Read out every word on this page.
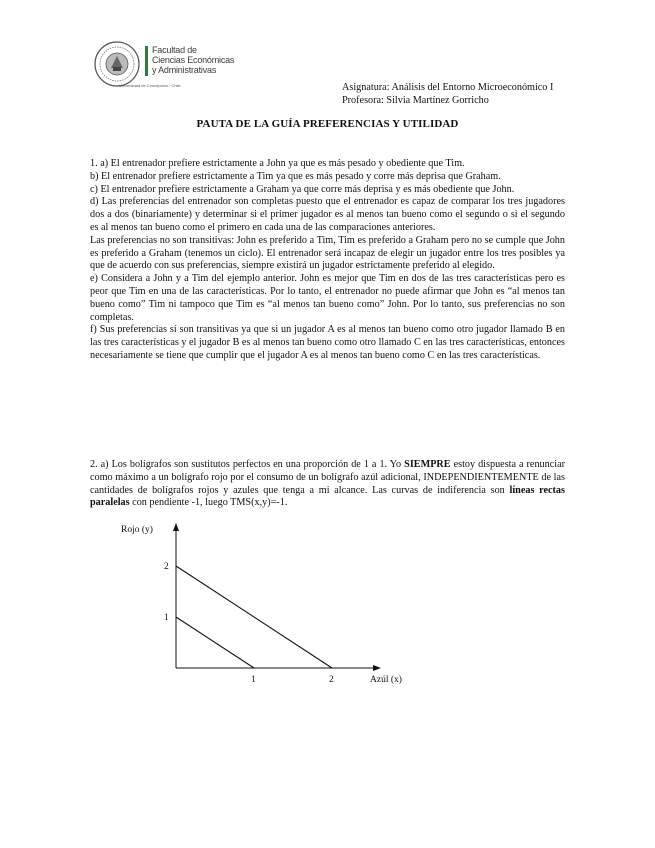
Facultad de
Ciencias Económicas
y Administrativas
Universidad de Concepción · Chile	Asignatura: Análisis del Entorno Microeconómico I
Profesora: Silvia Martínez Gorricho
PAUTA DE LA GUÍA PREFERENCIAS Y UTILIDAD

1. a) El entrenador prefiere estrictamente a John ya que es más pesado y obediente que Tim.

b) El entrenador prefiere estrictamente a Tim ya que es más pesado y corre más deprisa que Graham.

c) El entrenador prefiere estrictamente a Graham ya que corre más deprisa y es más obediente que John.

d) Las preferencias del entrenador son completas puesto que el entrenador es capaz de comparar los tres jugadores dos a dos (binariamente) y determinar si el primer jugador es al menos tan bueno como el segundo o si el segundo es al menos tan bueno como el primero en cada una de las comparaciones anteriores.

Las preferencias no son transitivas: John es preferido a Tim, Tim es preferido a Graham pero no se cumple que John es preferido a Graham (tenemos un ciclo). El entrenador será incapaz de elegir un jugador entre los tres posibles ya que de acuerdo con sus preferencias, siempre existirá un jugador estrictamente preferido al elegido.

e) Considera a John y a Tim del ejemplo anterior. John es mejor que Tim en dos de las tres características pero es peor que Tim en una de las características. Por lo tanto, el entrenador no puede afirmar que John es “al menos tan bueno como” Tim ni tampoco que Tim es “al menos tan bueno como” John. Por lo tanto, sus preferencias no son completas.

f) Sus preferencias sí son transitivas ya que si un jugador A es al menos tan bueno como otro jugador llamado B en las tres características y el jugador B es al menos tan bueno como otro llamado C en las tres características, entonces necesariamente se tiene que cumplir que el jugador A es al menos tan bueno como C en las tres características.

2. a) Los bolígrafos son sustitutos perfectos en una proporción de 1 a 1. Yo SIEMPRE estoy dispuesta a renunciar como máximo a un bolígrafo rojo por el consumo de un bolígrafo azúl adicional, INDEPENDIENTEMENTE de las cantidades de bolígrafos rojos y azules que tenga a mi alcance. Las curvas de indiferencia son líneas rectas paralelas con pendiente -1, luego TMS(x,y)=-1.

Rojo (y)
Azúl (x)
1	2
1
2
